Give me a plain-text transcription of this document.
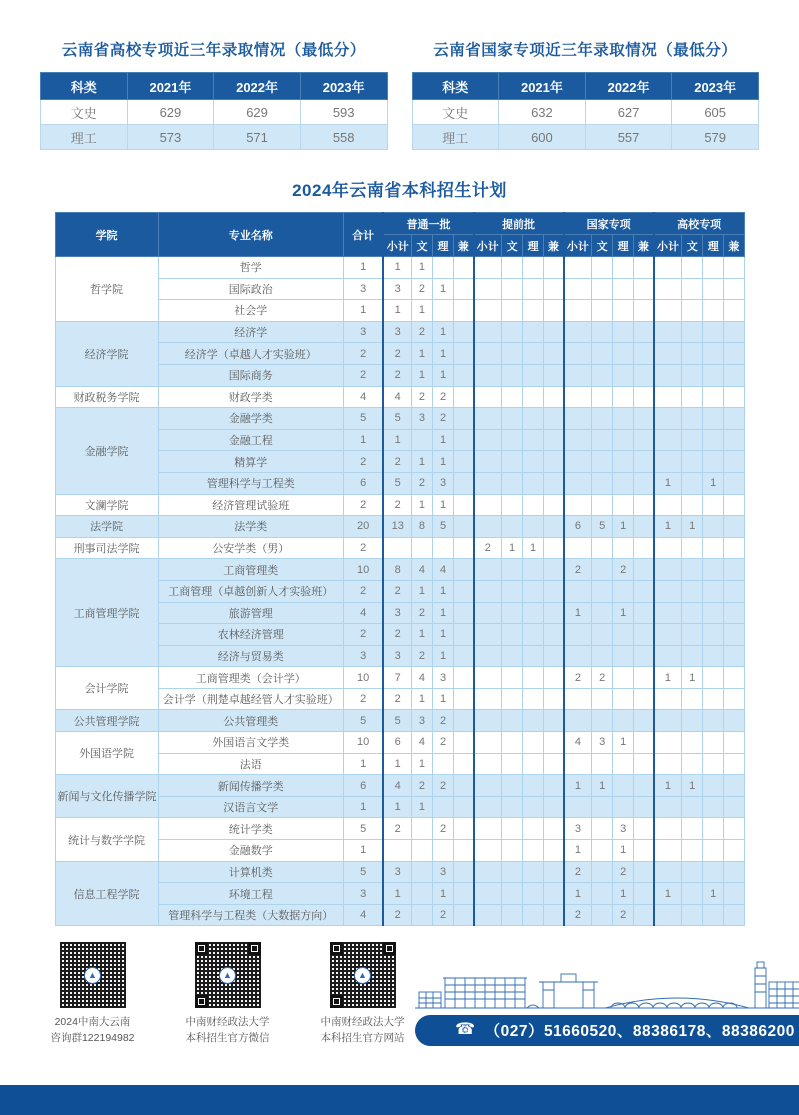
云南省高校专项近三年录取情况（最低分）
科类	2021年	2022年	2023年
文史	629	629	593
理工	573	571	558
云南省国家专项近三年录取情况（最低分）
科类	2021年	2022年	2023年
文史	632	627	605
理工	600	557	579
2024年云南省本科招生计划
学院	专业名称	合计	普通一批				提前批				国家专项				高校专项			
			小计	文	理	兼	小计	文	理	兼	小计	文	理	兼	小计	文	理	兼
哲学院	哲学	1	1	1														
	国际政治	3	3	2	1													
	社会学	1	1	1														
经济学院	经济学	3	3	2	1													
	经济学（卓越人才实验班）	2	2	1	1													
	国际商务	2	2	1	1													
财政税务学院	财政学类	4	4	2	2													
金融学院	金融学类	5	5	3	2													
	金融工程	1	1		1													
	精算学	2	2	1	1													
	管理科学与工程类	6	5	2	3										1		1	
文澜学院	经济管理试验班	2	2	1	1													
法学院	法学类	20	13	8	5						6	5	1		1	1		
刑事司法学院	公安学类（男）	2					2	1	1									
工商管理学院	工商管理类	10	8	4	4						2		2					
	工商管理（卓越创新人才实验班）	2	2	1	1													
	旅游管理	4	3	2	1						1		1					
	农林经济管理	2	2	1	1													
	经济与贸易类	3	3	2	1													
会计学院	工商管理类（会计学）	10	7	4	3						2	2			1	1		
	会计学（荆楚卓越经管人才实验班）	2	2	1	1													
公共管理学院	公共管理类	5	5	3	2													
外国语学院	外国语言文学类	10	6	4	2						4	3	1					
	法语	1	1	1														
新闻与文化传播学院	新闻传播学类	6	4	2	2						1	1			1	1		
	汉语言文学	1	1	1														
统计与数学学院	统计学类	5	2		2						3		3					
	金融数学	1									1		1					
信息工程学院	计算机类	5	3		3						2		2					
	环境工程	3	1		1						1		1		1		1	
	管理科学与工程类（大数据方向）	4	2		2						2		2					
▲
2024中南大云南
咨询群122194982
▲
中南财经政法大学
本科招生官方微信
▲
中南财经政法大学
本科招生官方网站	☎ （027）51660520、88386178、88386200
